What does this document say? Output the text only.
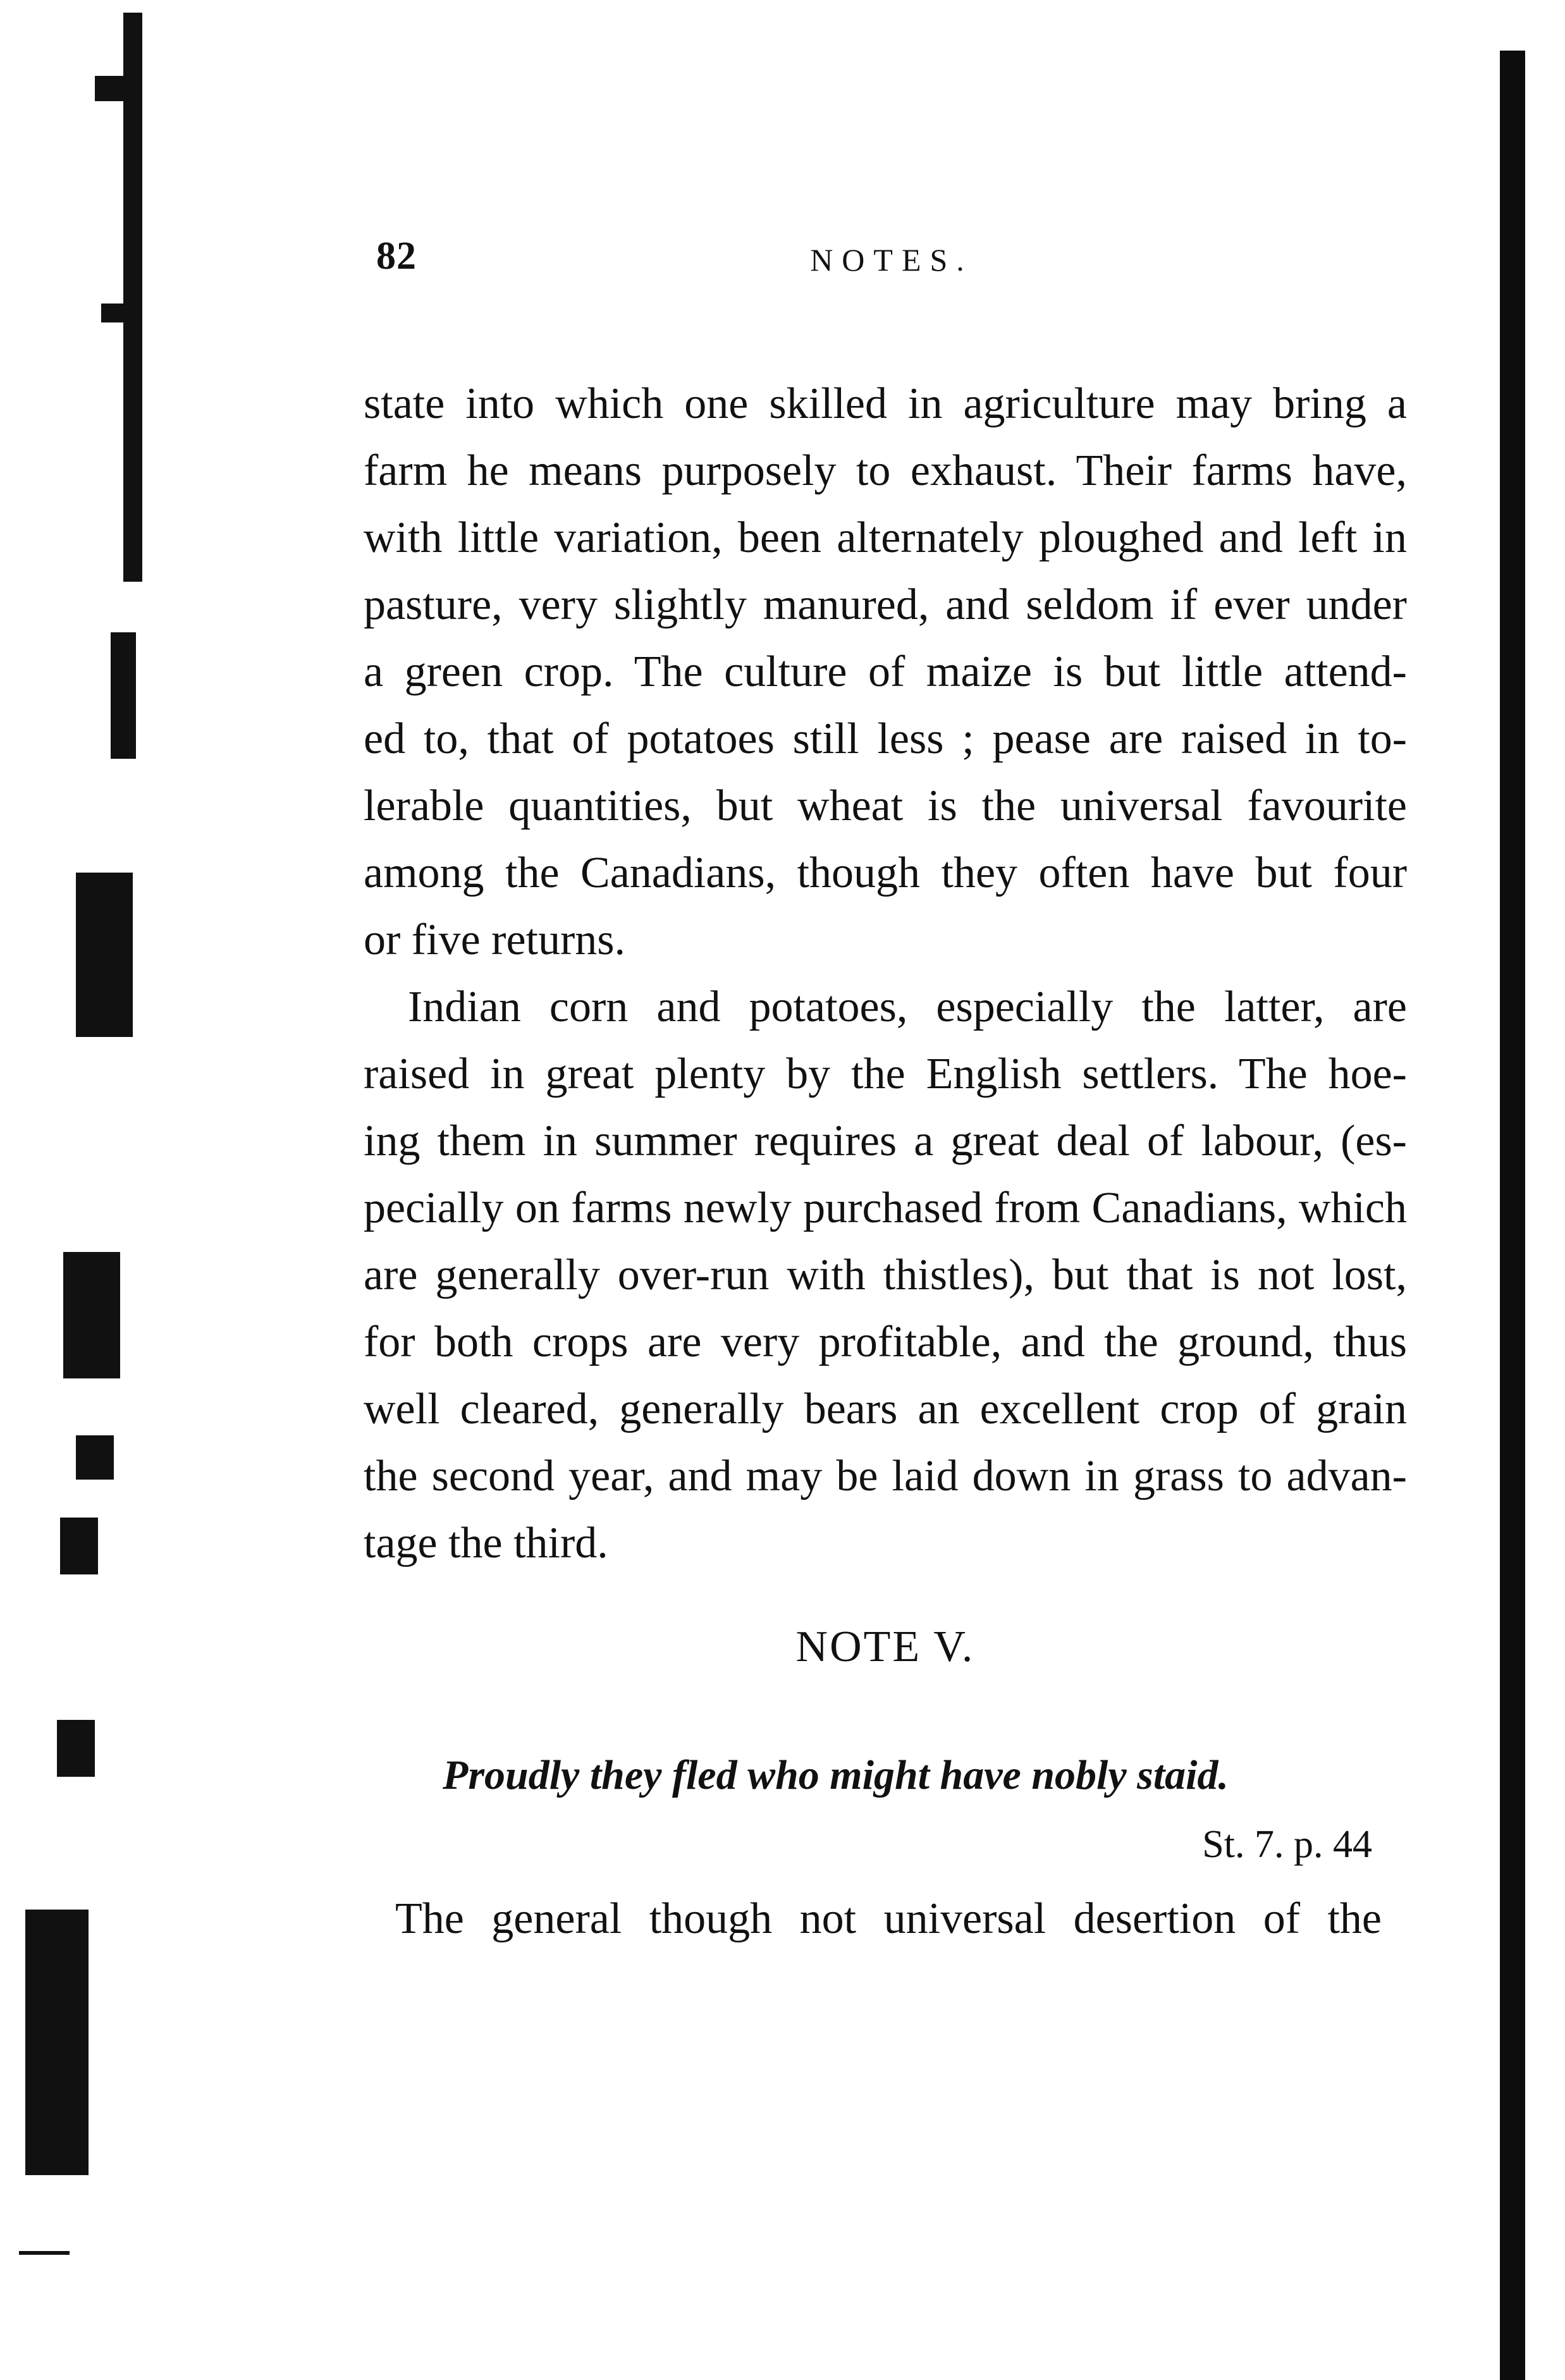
82	NOTES.
state into which one skilled in agriculture may bring a
farm he means purposely to exhaust. Their farms have,
with little variation, been alternately ploughed and left in
pasture, very slightly manured, and seldom if ever under
a green crop. The culture of maize is but little attend-
ed to, that of potatoes still less ; pease are raised in to-
lerable quantities, but wheat is the universal favourite
among the Canadians, though they often have but four
or five returns.
Indian corn and potatoes, especially the latter, are
raised in great plenty by the English settlers. The hoe-
ing them in summer requires a great deal of labour, (es-
pecially on farms newly purchased from Canadians, which
are generally over-run with thistles), but that is not lost,
for both crops are very profitable, and the ground, thus
well cleared, generally bears an excellent crop of grain
the second year, and may be laid down in grass to advan-
tage the third.
NOTE V.
Proudly they fled who might have nobly staid.
St. 7. p. 44
The general though not universal desertion of the
